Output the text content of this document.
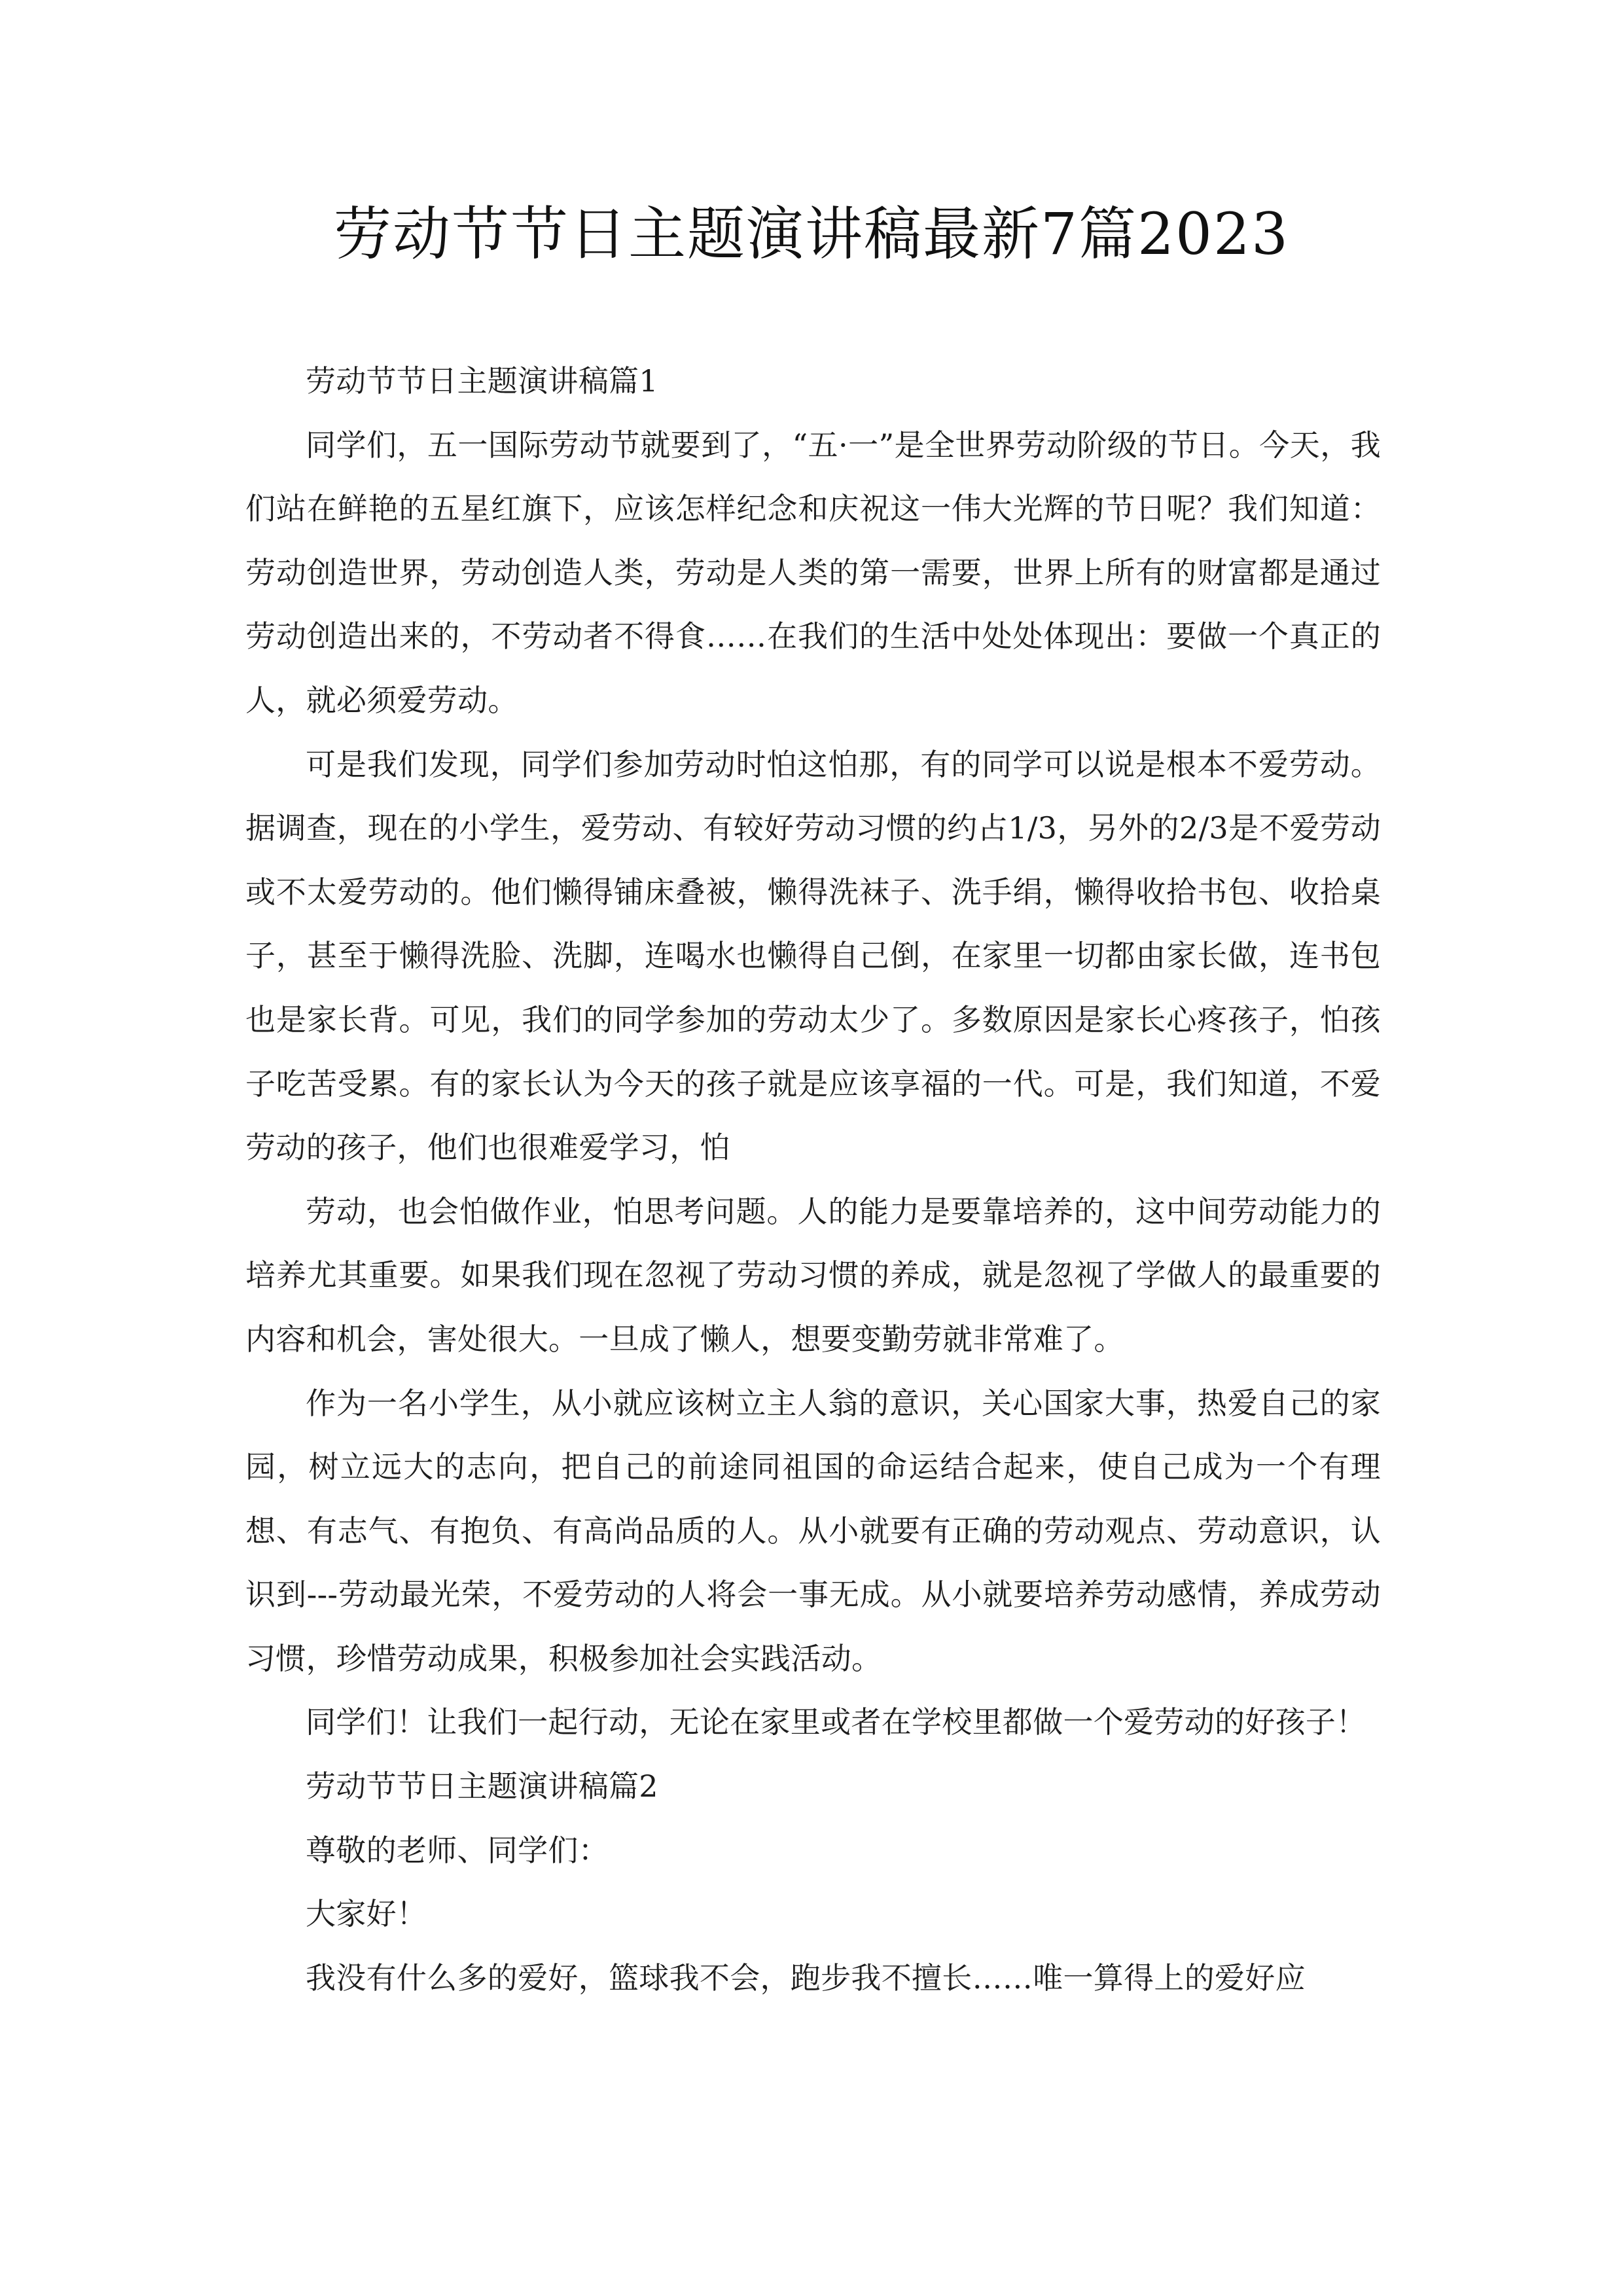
劳动节节日主题演讲稿最新7篇2023

劳动节节日主题演讲稿篇1

同学们，五一国际劳动节就要到了，“五·一”是全世界劳动阶级的节日。今天，我们站在鲜艳的五星红旗下，应该怎样纪念和庆祝这一伟大光辉的节日呢？我们知道：劳动创造世界，劳动创造人类，劳动是人类的第一需要，世界上所有的财富都是通过劳动创造出来的，不劳动者不得食……在我们的生活中处处体现出：要做一个真正的人，就必须爱劳动。

可是我们发现，同学们参加劳动时怕这怕那，有的同学可以说是根本不爱劳动。据调查，现在的小学生，爱劳动、有较好劳动习惯的约占1/3，另外的2/3是不爱劳动或不太爱劳动的。他们懒得铺床叠被，懒得洗袜子、洗手绢，懒得收拾书包、收拾桌子，甚至于懒得洗脸、洗脚，连喝水也懒得自己倒，在家里一切都由家长做，连书包也是家长背。可见，我们的同学参加的劳动太少了。多数原因是家长心疼孩子，怕孩子吃苦受累。有的家长认为今天的孩子就是应该享福的一代。可是，我们知道，不爱劳动的孩子，他们也很难爱学习，怕

劳动，也会怕做作业，怕思考问题。人的能力是要靠培养的，这中间劳动能力的培养尤其重要。如果我们现在忽视了劳动习惯的养成，就是忽视了学做人的最重要的内容和机会，害处很大。一旦成了懒人，想要变勤劳就非常难了。

作为一名小学生，从小就应该树立主人翁的意识，关心国家大事，热爱自己的家园，树立远大的志向，把自己的前途同祖国的命运结合起来，使自己成为一个有理想、有志气、有抱负、有高尚品质的人。从小就要有正确的劳动观点、劳动意识，认识到---劳动最光荣，不爱劳动的人将会一事无成。从小就要培养劳动感情，养成劳动习惯，珍惜劳动成果，积极参加社会实践活动。

同学们！让我们一起行动，无论在家里或者在学校里都做一个爱劳动的好孩子！

劳动节节日主题演讲稿篇2

尊敬的老师、同学们：

大家好！

我没有什么多的爱好，篮球我不会，跑步我不擅长……唯一算得上的爱好应
